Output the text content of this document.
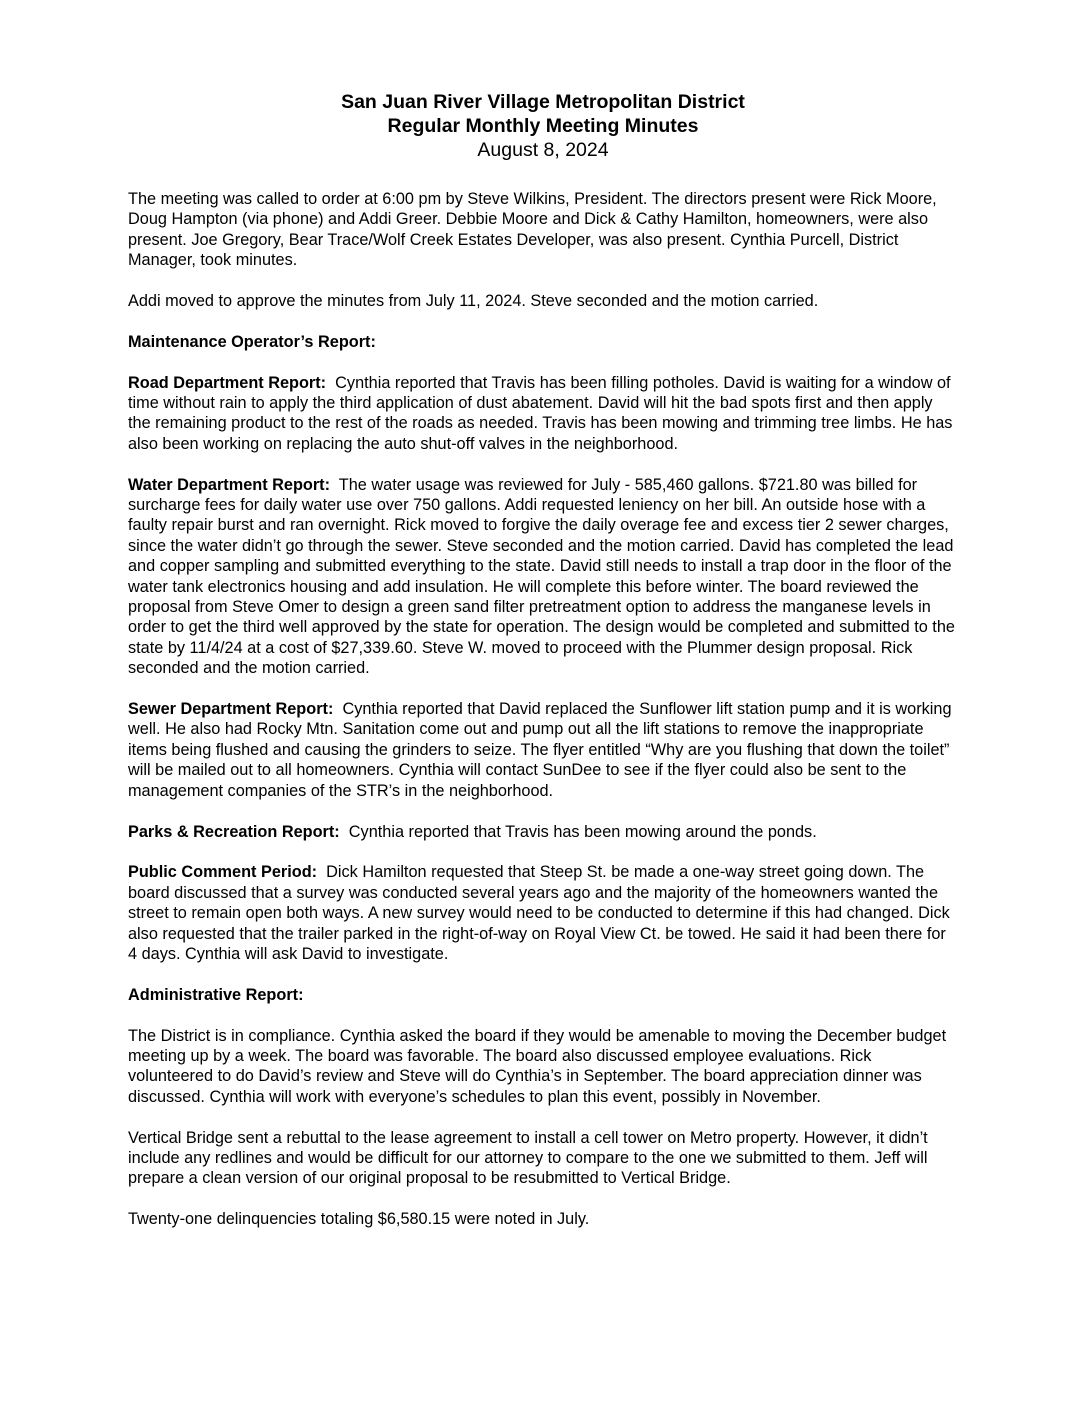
San Juan River Village Metropolitan District
Regular Monthly Meeting Minutes
August 8, 2024

The meeting was called to order at 6:00 pm by Steve Wilkins, President. The directors present were Rick Moore, Doug Hampton (via phone) and Addi Greer. Debbie Moore and Dick & Cathy Hamilton, homeowners, were also present. Joe Gregory, Bear Trace/Wolf Creek Estates Developer, was also present. Cynthia Purcell, District Manager, took minutes.

Addi moved to approve the minutes from July 11, 2024. Steve seconded and the motion carried.

Maintenance Operator’s Report:

Road Department Report: Cynthia reported that Travis has been filling potholes. David is waiting for a window of time without rain to apply the third application of dust abatement. David will hit the bad spots first and then apply the remaining product to the rest of the roads as needed. Travis has been mowing and trimming tree limbs. He has also been working on replacing the auto shut-off valves in the neighborhood.

Water Department Report: The water usage was reviewed for July - 585,460 gallons. $721.80 was billed for surcharge fees for daily water use over 750 gallons. Addi requested leniency on her bill. An outside hose with a faulty repair burst and ran overnight. Rick moved to forgive the daily overage fee and excess tier 2 sewer charges, since the water didn’t go through the sewer. Steve seconded and the motion carried. David has completed the lead and copper sampling and submitted everything to the state. David still needs to install a trap door in the floor of the water tank electronics housing and add insulation. He will complete this before winter. The board reviewed the proposal from Steve Omer to design a green sand filter pretreatment option to address the manganese levels in order to get the third well approved by the state for operation. The design would be completed and submitted to the state by 11/4/24 at a cost of $27,339.60. Steve W. moved to proceed with the Plummer design proposal. Rick seconded and the motion carried.

Sewer Department Report: Cynthia reported that David replaced the Sunflower lift station pump and it is working well. He also had Rocky Mtn. Sanitation come out and pump out all the lift stations to remove the inappropriate items being flushed and causing the grinders to seize. The flyer entitled “Why are you flushing that down the toilet” will be mailed out to all homeowners. Cynthia will contact SunDee to see if the flyer could also be sent to the management companies of the STR’s in the neighborhood.

Parks & Recreation Report: Cynthia reported that Travis has been mowing around the ponds.

Public Comment Period: Dick Hamilton requested that Steep St. be made a one-way street going down. The board discussed that a survey was conducted several years ago and the majority of the homeowners wanted the street to remain open both ways. A new survey would need to be conducted to determine if this had changed. Dick also requested that the trailer parked in the right-of-way on Royal View Ct. be towed. He said it had been there for 4 days. Cynthia will ask David to investigate.

Administrative Report:

The District is in compliance. Cynthia asked the board if they would be amenable to moving the December budget meeting up by a week. The board was favorable. The board also discussed employee evaluations. Rick volunteered to do David’s review and Steve will do Cynthia’s in September. The board appreciation dinner was discussed. Cynthia will work with everyone’s schedules to plan this event, possibly in November.

Vertical Bridge sent a rebuttal to the lease agreement to install a cell tower on Metro property. However, it didn’t include any redlines and would be difficult for our attorney to compare to the one we submitted to them. Jeff will prepare a clean version of our original proposal to be resubmitted to Vertical Bridge.

Twenty-one delinquencies totaling $6,580.15 were noted in July.
